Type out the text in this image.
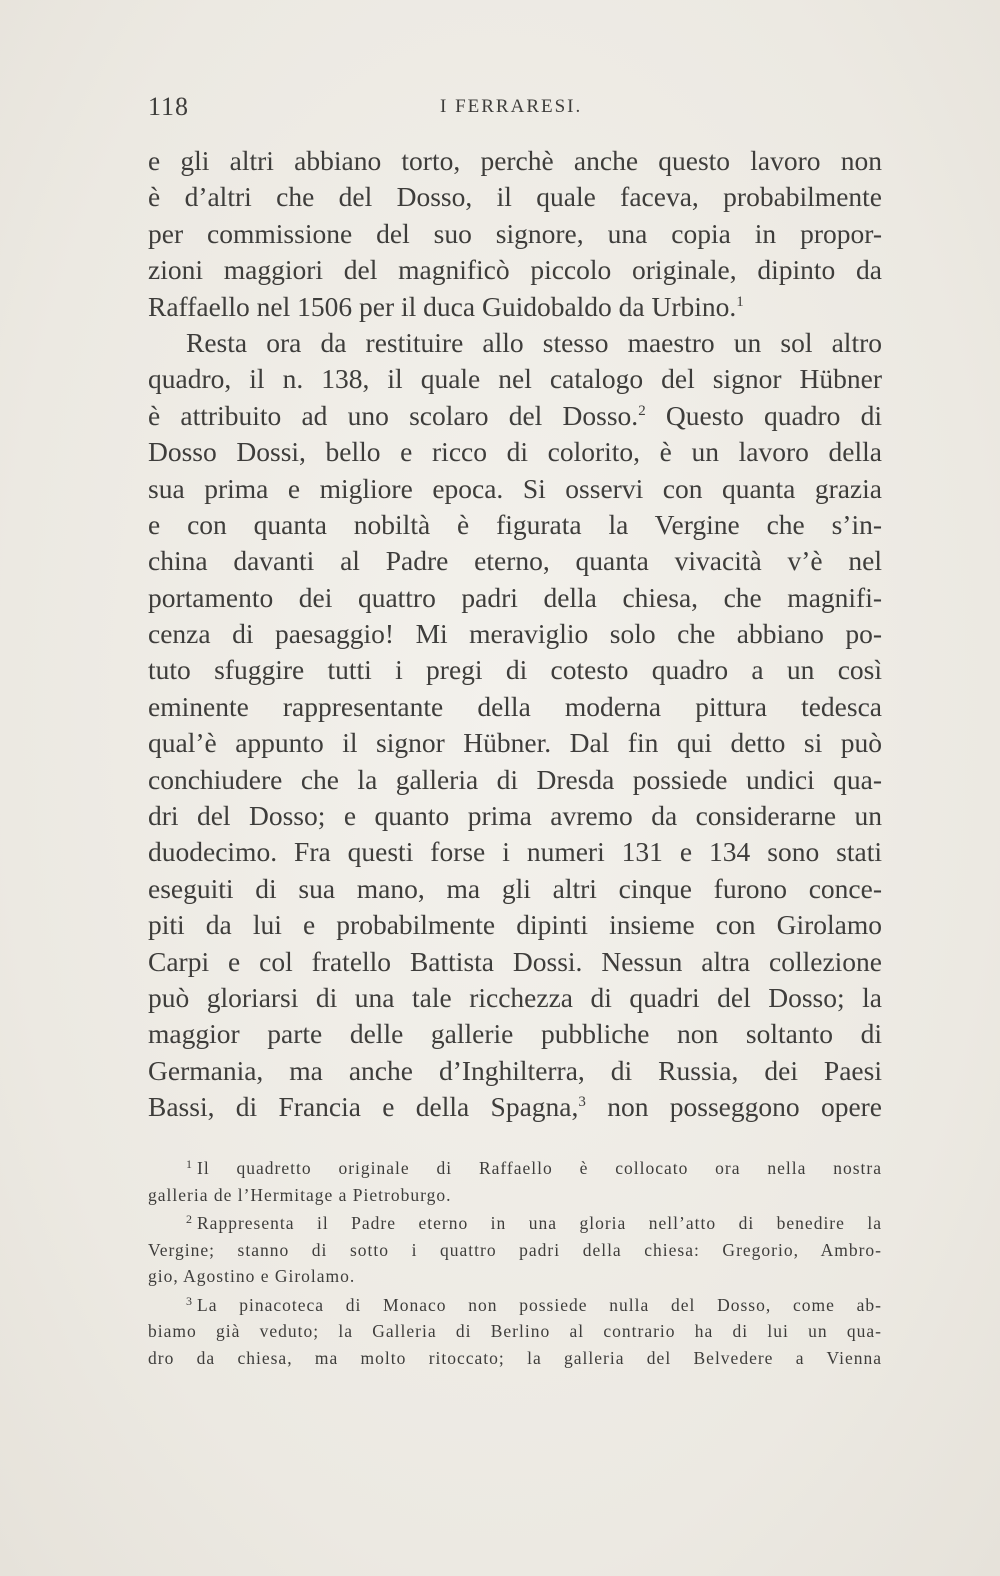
118	I FERRARESI.
e gli altri abbiano torto, perchè anche questo lavoro non
è d’altri che del Dosso, il quale faceva, probabilmente
per commissione del suo signore, una copia in propor-
zioni maggiori del magnificò piccolo originale, dipinto da
Raffaello nel 1506 per il duca Guidobaldo da Urbino.$^1$
Resta ora da restituire allo stesso maestro un sol altro
quadro, il n. 138, il quale nel catalogo del signor Hübner
è attribuito ad uno scolaro del Dosso.$^2$ Questo quadro di
Dosso Dossi, bello e ricco di colorito, è un lavoro della
sua prima e migliore epoca. Si osservi con quanta grazia
e con quanta nobiltà è figurata la Vergine che s’in-
china davanti al Padre eterno, quanta vivacità v’è nel
portamento dei quattro padri della chiesa, che magnifi-
cenza di paesaggio! Mi meraviglio solo che abbiano po-
tuto sfuggire tutti i pregi di cotesto quadro a un così
eminente rappresentante della moderna pittura tedesca
qual’è appunto il signor Hübner. Dal fin qui detto si può
conchiudere che la galleria di Dresda possiede undici qua-
dri del Dosso; e quanto prima avremo da considerarne un
duodecimo. Fra questi forse i numeri 131 e 134 sono stati
eseguiti di sua mano, ma gli altri cinque furono conce-
piti da lui e probabilmente dipinti insieme con Girolamo
Carpi e col fratello Battista Dossi. Nessun altra collezione
può gloriarsi di una tale ricchezza di quadri del Dosso; la
maggior parte delle gallerie pubbliche non soltanto di
Germania, ma anche d’Inghilterra, di Russia, dei Paesi
Bassi, di Francia e della Spagna,$^3$ non posseggono opere
$^1$ Il quadretto originale di Raffaello è collocato ora nella nostra
galleria de l’Hermitage a Pietroburgo.
$^2$ Rappresenta il Padre eterno in una gloria nell’atto di benedire la
Vergine; stanno di sotto i quattro padri della chiesa: Gregorio, Ambro-
gio, Agostino e Girolamo.
$^3$ La pinacoteca di Monaco non possiede nulla del Dosso, come ab-
biamo già veduto; la Galleria di Berlino al contrario ha di lui un qua-
dro da chiesa, ma molto ritoccato; la galleria del Belvedere a Vienna
